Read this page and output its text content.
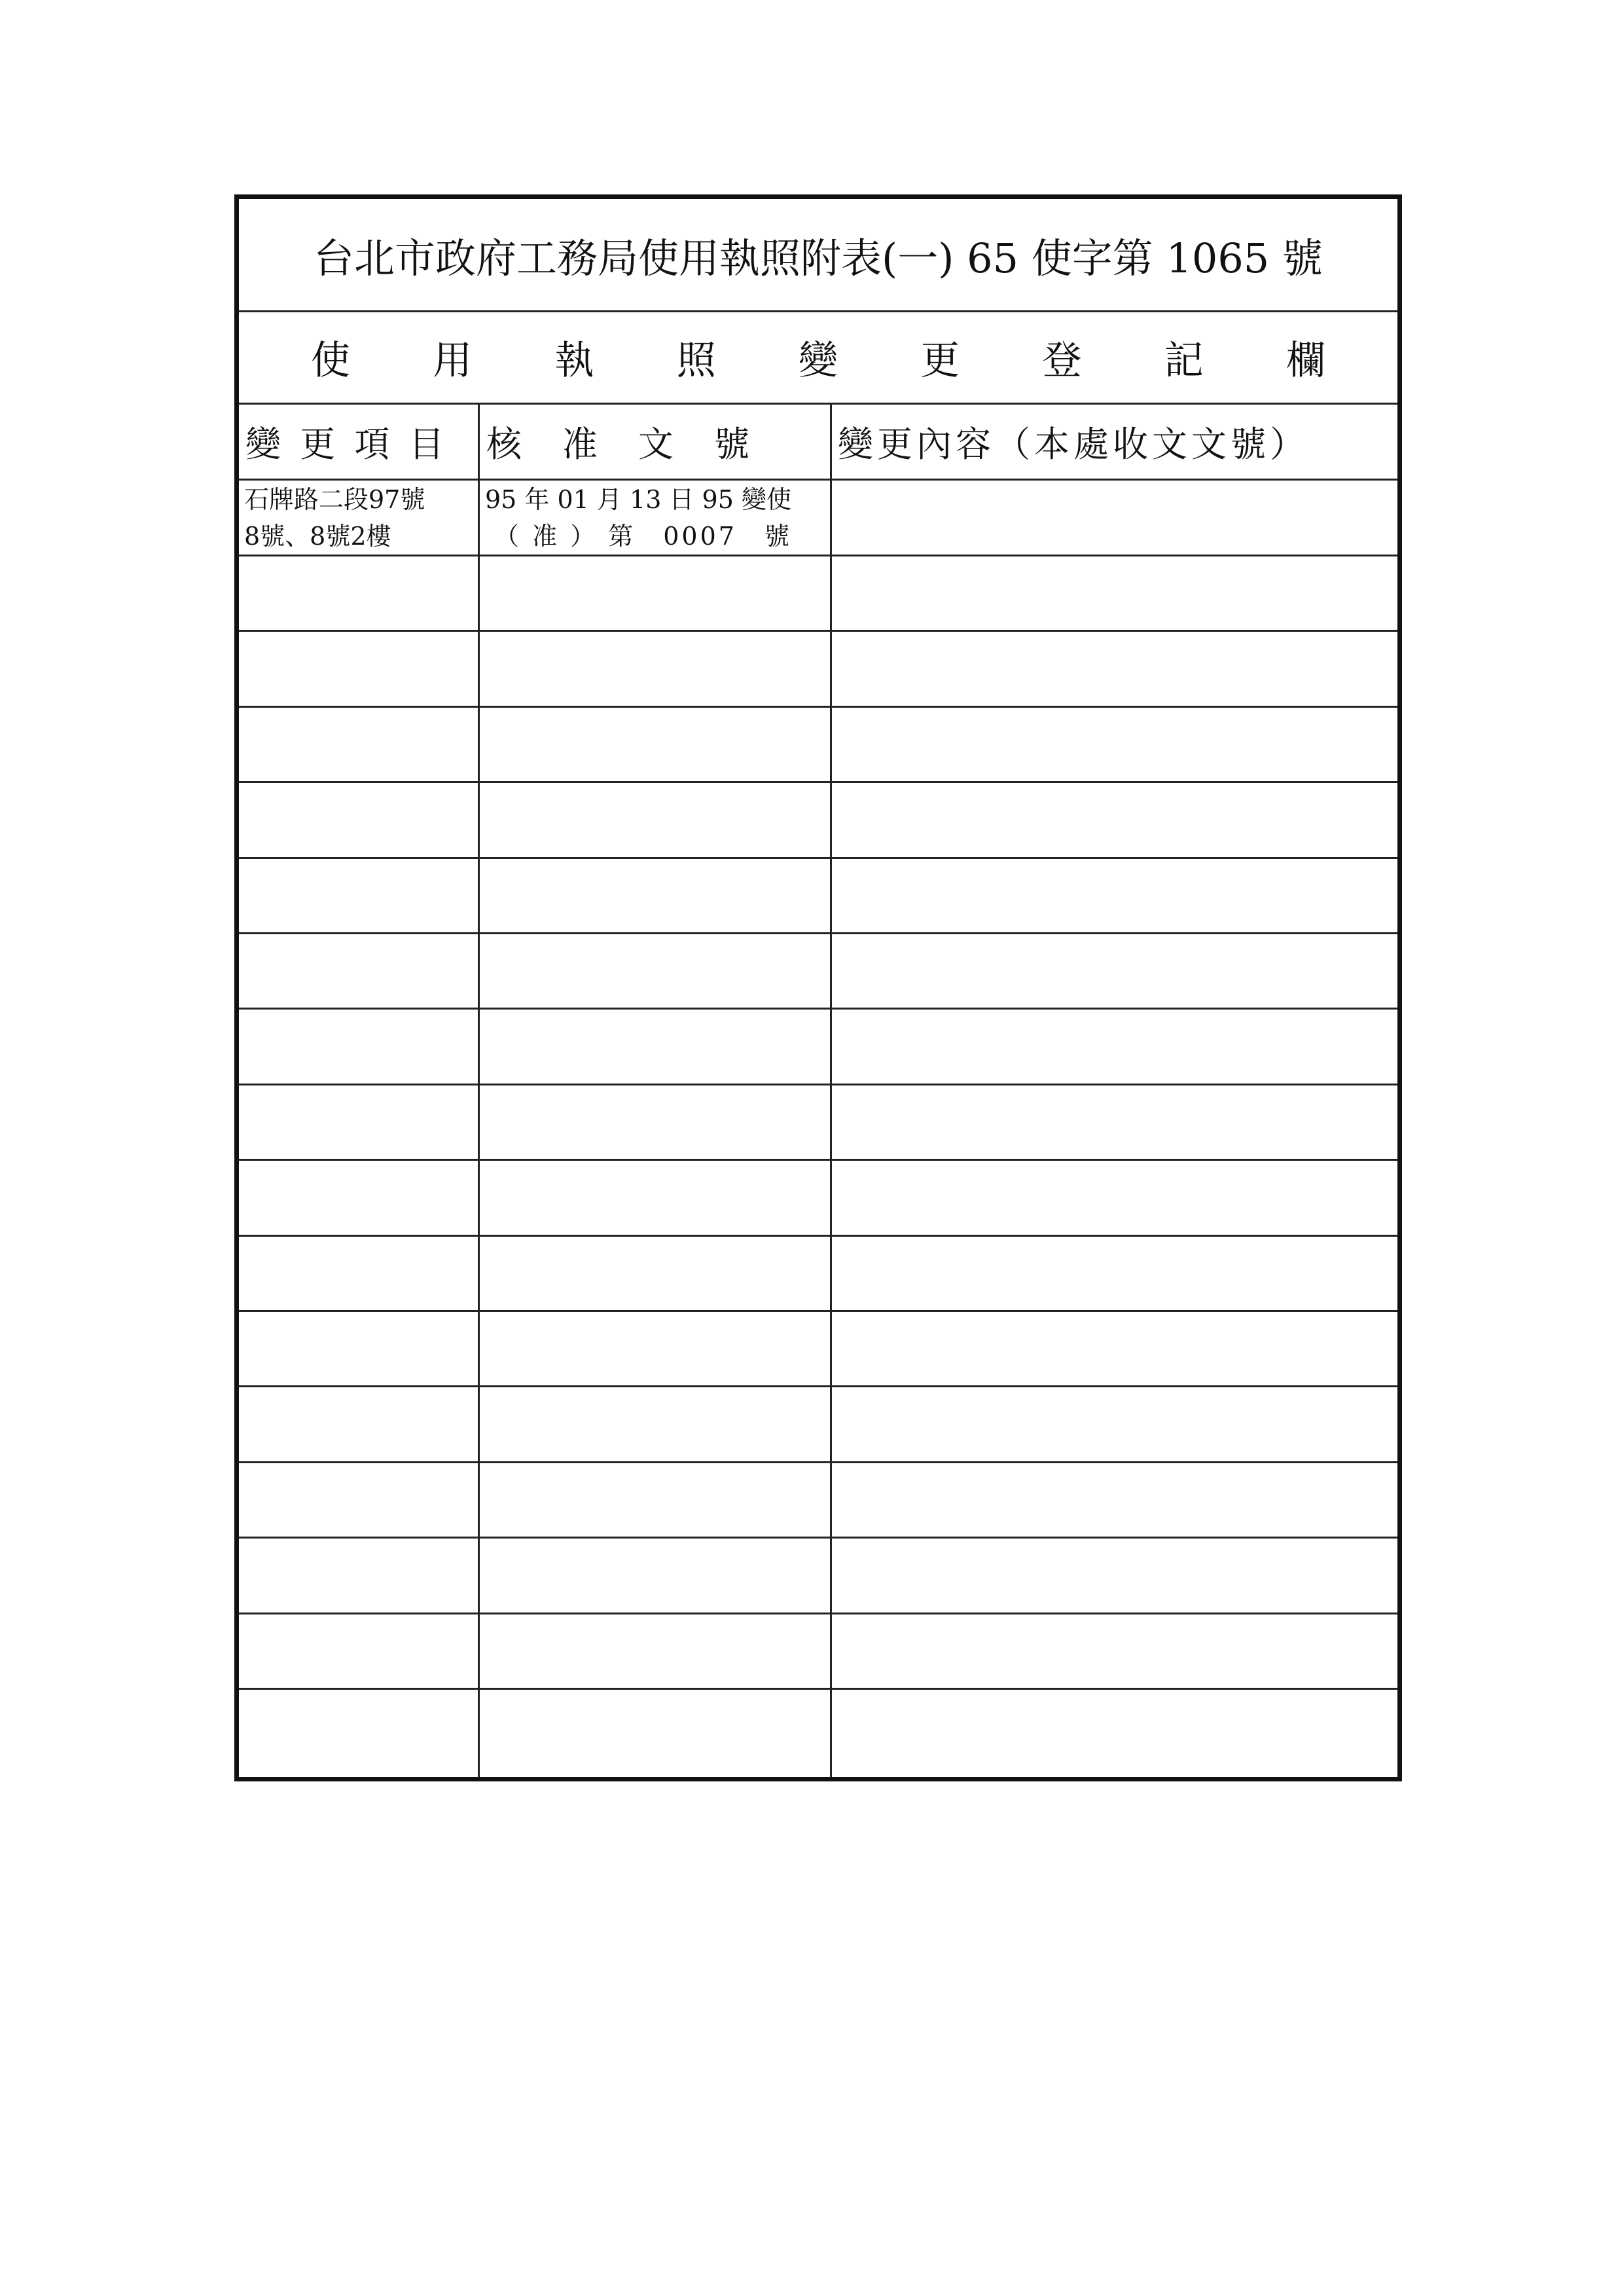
台北市政府工務局使用執照附表(一) 65 使字第 1065 號
使 用 執 照 變 更 登 記 欄
變 更 項 目	核　准　文　號	變更內容（本處收文文號）
石牌路二段97號
8號、8號2樓
95 年 01 月 13 日 95 變使
（ 准 ） 第　0007　號
